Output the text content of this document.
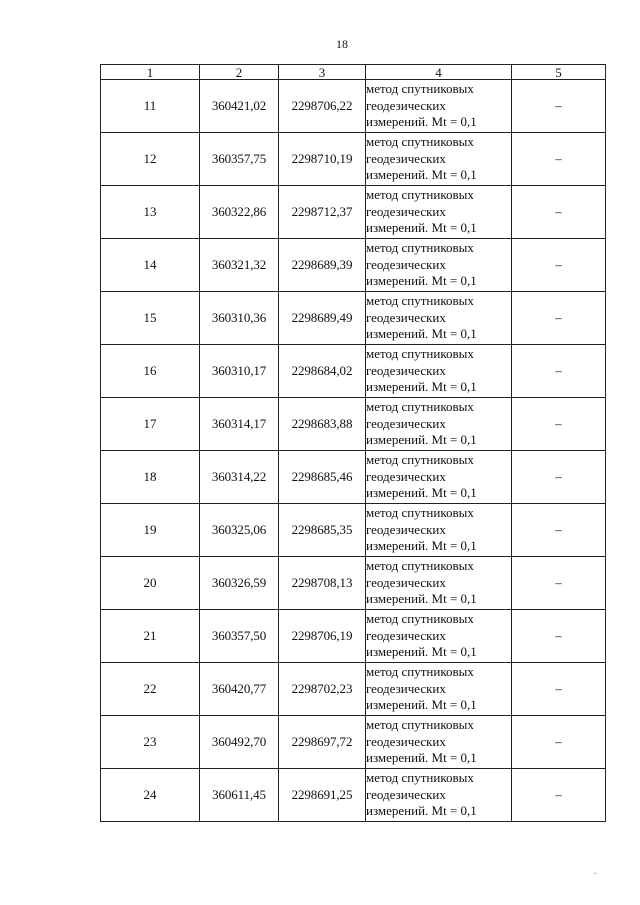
18
1	2	3	4	5
11	360421,02	2298706,22	метод спутниковых
геодезических
измерений. Mt = 0,1	–
12	360357,75	2298710,19	метод спутниковых
геодезических
измерений. Mt = 0,1	–
13	360322,86	2298712,37	метод спутниковых
геодезических
измерений. Mt = 0,1	–
14	360321,32	2298689,39	метод спутниковых
геодезических
измерений. Mt = 0,1	–
15	360310,36	2298689,49	метод спутниковых
геодезических
измерений. Mt = 0,1	–
16	360310,17	2298684,02	метод спутниковых
геодезических
измерений. Mt = 0,1	–
17	360314,17	2298683,88	метод спутниковых
геодезических
измерений. Mt = 0,1	–
18	360314,22	2298685,46	метод спутниковых
геодезических
измерений. Mt = 0,1	–
19	360325,06	2298685,35	метод спутниковых
геодезических
измерений. Mt = 0,1	–
20	360326,59	2298708,13	метод спутниковых
геодезических
измерений. Mt = 0,1	–
21	360357,50	2298706,19	метод спутниковых
геодезических
измерений. Mt = 0,1	–
22	360420,77	2298702,23	метод спутниковых
геодезических
измерений. Mt = 0,1	–
23	360492,70	2298697,72	метод спутниковых
геодезических
измерений. Mt = 0,1	–
24	360611,45	2298691,25	метод спутниковых
геодезических
измерений. Mt = 0,1	–
.
